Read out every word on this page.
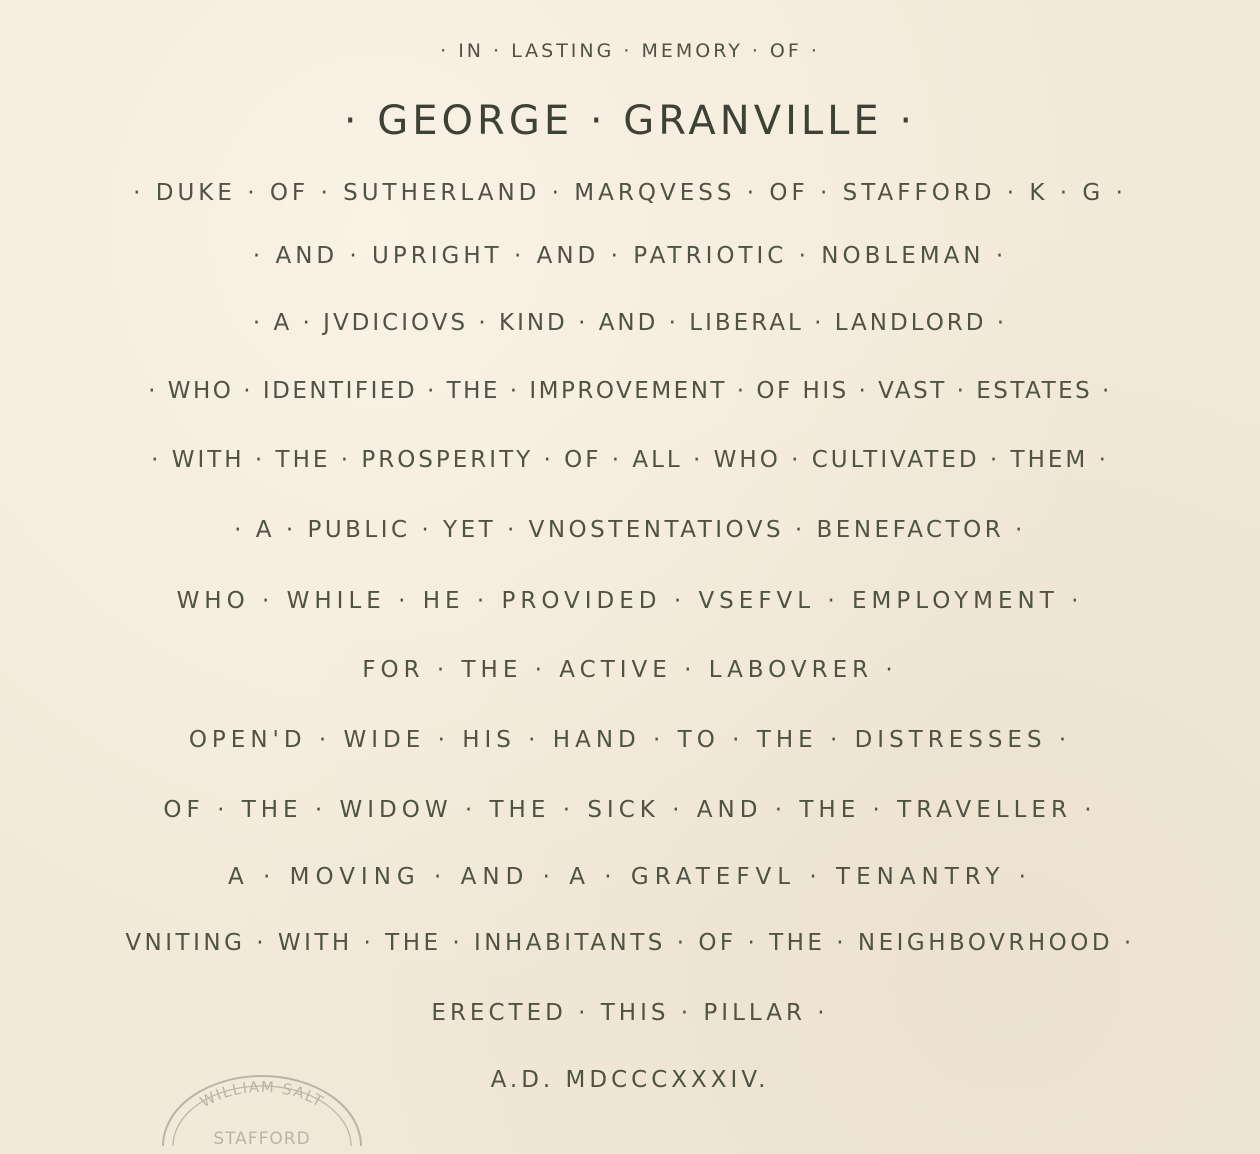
· IN · LASTING · MEMORY · OF ·
· GEORGE · GRANVILLE ·
· DUKE · OF · SUTHERLAND · MARQVESS · OF · STAFFORD · K · G ·
· AND · UPRIGHT · AND · PATRIOTIC · NOBLEMAN ·
· A · JVDICIOVS · KIND · AND · LIBERAL · LANDLORD ·
· WHO · IDENTIFIED · THE · IMPROVEMENT · OF HIS · VAST · ESTATES ·
· WITH · THE · PROSPERITY · OF · ALL · WHO · CULTIVATED · THEM ·
· A · PUBLIC · YET · VNOSTENTATIOVS · BENEFACTOR ·
WHO · WHILE · HE · PROVIDED · VSEFVL · EMPLOYMENT ·
FOR · THE · ACTIVE · LABOVRER ·
OPEN'D · WIDE · HIS · HAND · TO · THE · DISTRESSES ·
OF · THE · WIDOW · THE · SICK · AND · THE · TRAVELLER ·
A · MOVING · AND · A · GRATEFVL · TENANTRY ·
VNITING · WITH · THE · INHABITANTS · OF · THE · NEIGHBOVRHOOD ·
ERECTED · THIS · PILLAR ·
A.D. MDCCCXXXIV.
WILLIAM SALT
STAFFORD
